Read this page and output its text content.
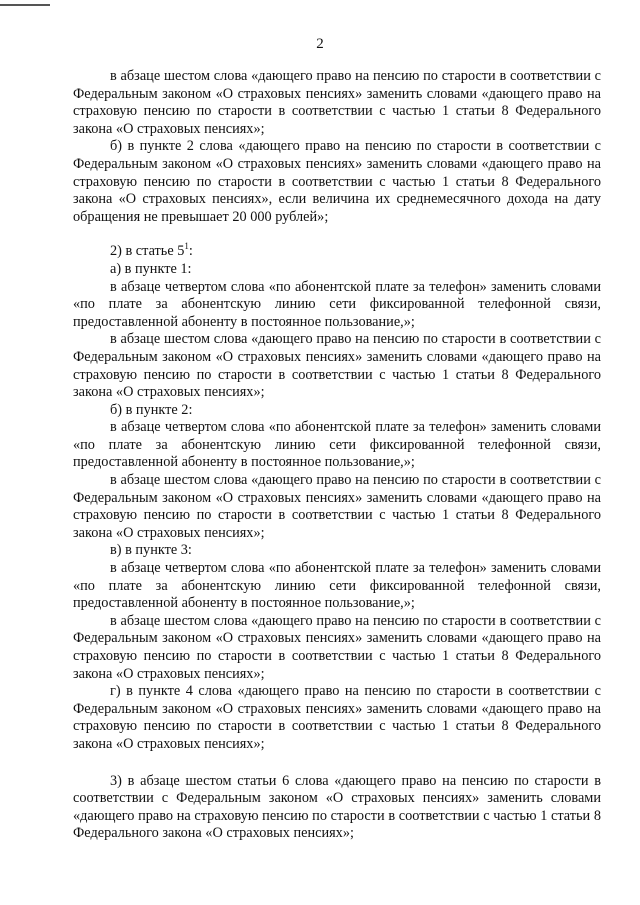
2

в абзаце шестом слова «дающего право на пенсию по старости в соответствии с Федеральным законом «О страховых пенсиях» заменить словами «дающего право на страховую пенсию по старости в соответствии с частью 1 статьи 8 Федерального закона «О страховых пенсиях»;

б) в пункте 2 слова «дающего право на пенсию по старости в соответствии с Федеральным законом «О страховых пенсиях» заменить словами «дающего право на страховую пенсию по старости в соответствии с частью 1 статьи 8 Федерального закона «О страховых пенсиях», если величина их среднемесячного дохода на дату обращения не превышает 20 000 рублей»;

2) в статье $5^1$:

а) в пункте 1:

в абзаце четвертом слова «по абонентской плате за телефон» заменить словами «по плате за абонентскую линию сети фиксированной телефонной связи, предоставленной абоненту в постоянное пользование,»;

в абзаце шестом слова «дающего право на пенсию по старости в соответствии с Федеральным законом «О страховых пенсиях» заменить словами «дающего право на страховую пенсию по старости в соответствии с частью 1 статьи 8 Федерального закона «О страховых пенсиях»;

б) в пункте 2:

в абзаце четвертом слова «по абонентской плате за телефон» заменить словами «по плате за абонентскую линию сети фиксированной телефонной связи, предоставленной абоненту в постоянное пользование,»;

в абзаце шестом слова «дающего право на пенсию по старости в соответствии с Федеральным законом «О страховых пенсиях» заменить словами «дающего право на страховую пенсию по старости в соответствии с частью 1 статьи 8 Федерального закона «О страховых пенсиях»;

в) в пункте 3:

в абзаце четвертом слова «по абонентской плате за телефон» заменить словами «по плате за абонентскую линию сети фиксированной телефонной связи, предоставленной абоненту в постоянное пользование,»;

в абзаце шестом слова «дающего право на пенсию по старости в соответствии с Федеральным законом «О страховых пенсиях» заменить словами «дающего право на страховую пенсию по старости в соответствии с частью 1 статьи 8 Федерального закона «О страховых пенсиях»;

г) в пункте 4 слова «дающего право на пенсию по старости в соответствии с Федеральным законом «О страховых пенсиях» заменить словами «дающего право на страховую пенсию по старости в соответствии с частью 1 статьи 8 Федерального закона «О страховых пенсиях»;

3) в абзаце шестом статьи 6 слова «дающего право на пенсию по старости в соответствии с Федеральным законом «О страховых пенсиях» заменить словами «дающего право на страховую пенсию по старости в соответствии с частью 1 статьи 8 Федерального закона «О страховых пенсиях»;
